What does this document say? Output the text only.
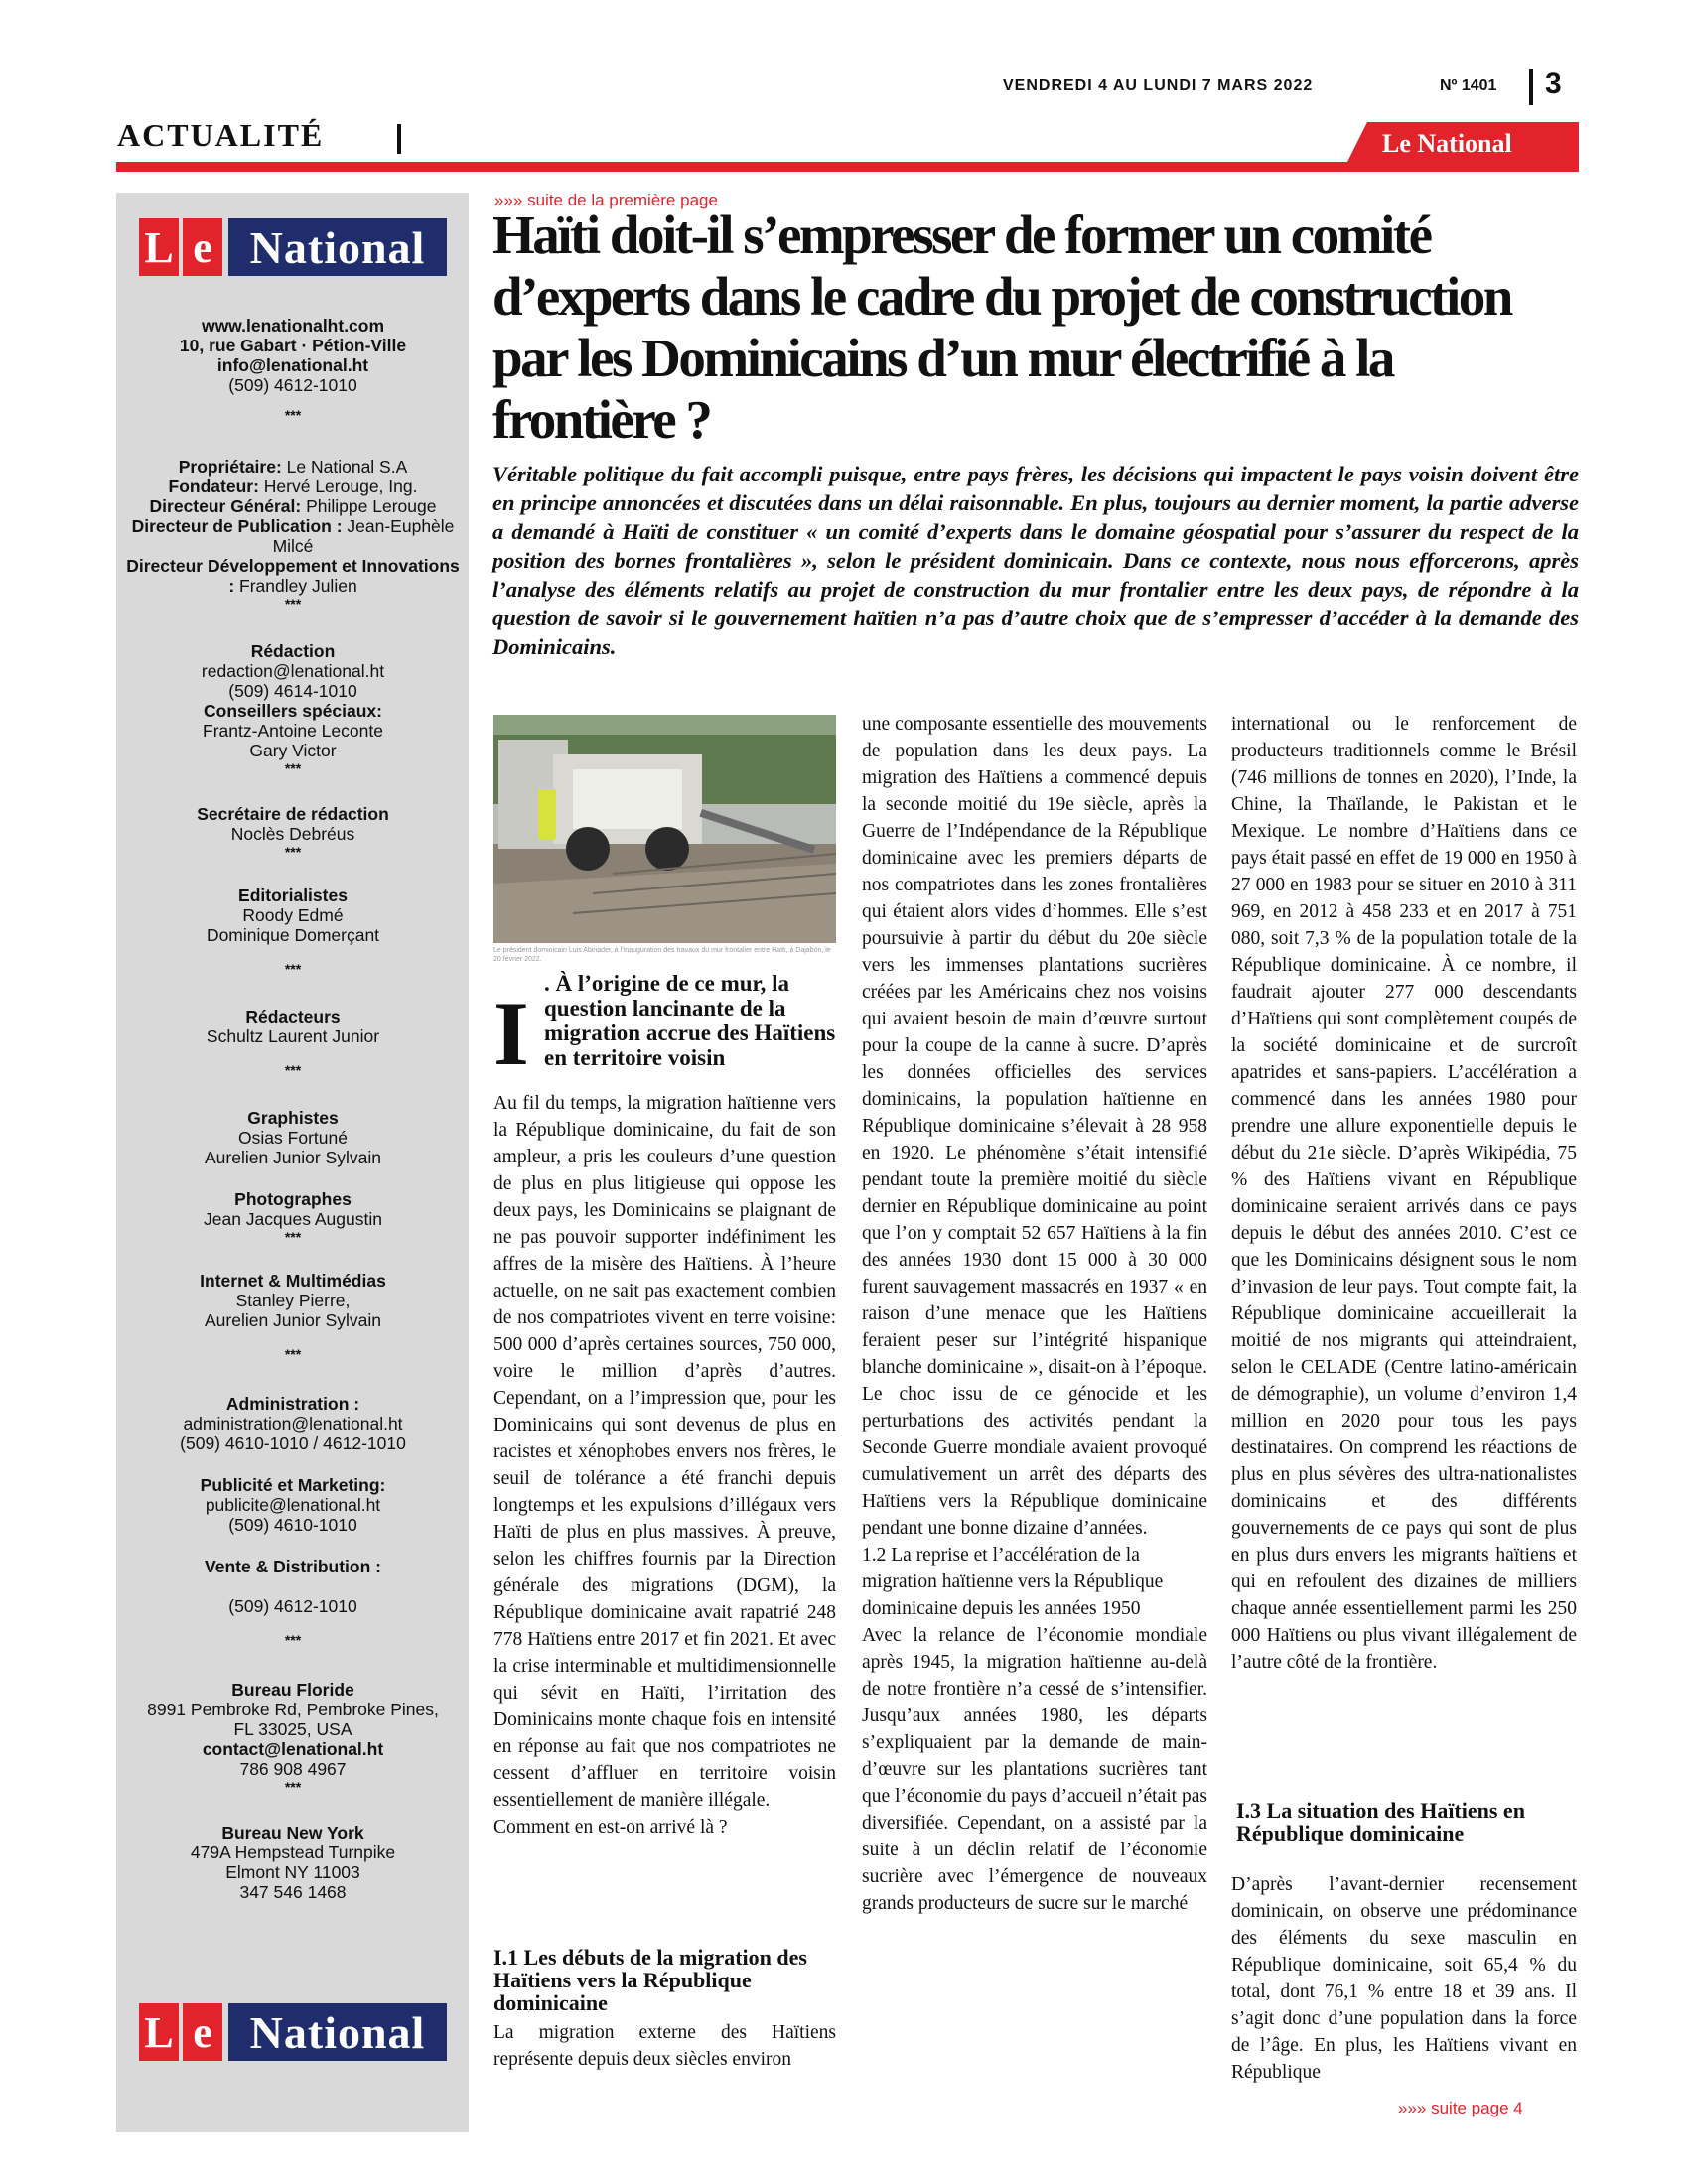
VENDREDI 4 AU LUNDI 7 MARS 2022	Nº 1401 3
ACTUALITÉ	Le National
L e National
www.lenationalht.com
10, rue Gabart · Pétion-Ville
info@lenational.ht
(509) 4612-1010
***
Propriétaire: Le National S.A
Fondateur: Hervé Lerouge, Ing.
Directeur Général: Philippe Lerouge
Directeur de Publication : Jean-Euphèle Milcé
Directeur Développement et Innovations : Frandley Julien
***
Rédaction
redaction@lenational.ht
(509) 4614-1010
Conseillers spéciaux:
Frantz-Antoine Leconte
Gary Victor
***
Secrétaire de rédaction
Noclès Debréus
***
Editorialistes
Roody Edmé
Dominique Domerçant
***
Rédacteurs
Schultz Laurent Junior
***
Graphistes
Osias Fortuné
Aurelien Junior Sylvain
Photographes
Jean Jacques Augustin
***
Internet & Multimédias
Stanley Pierre,
Aurelien Junior Sylvain
***
Administration :
administration@lenational.ht
(509) 4610-1010 / 4612-1010
Publicité et Marketing:
publicite@lenational.ht
(509) 4610-1010
Vente & Distribution :
(509) 4612-1010
***
Bureau Floride
8991 Pembroke Rd, Pembroke Pines,
FL 33025, USA
contact@lenational.ht
786 908 4967
***
Bureau New York
479A Hempstead Turnpike
Elmont NY 11003
347 546 1468
L e National
»»» suite de la première page
Haïti doit-il s’empresser de former un comité d’experts dans le cadre du projet de construction par les Dominicains d’un mur électrifié à la frontière ?
Véritable politique du fait accompli puisque, entre pays frères, les décisions qui impactent le pays voisin doivent être en principe annoncées et discutées dans un délai raisonnable. En plus, toujours au dernier moment, la partie adverse a demandé à Haïti de constituer « un comité d’experts dans le domaine géospatial pour s’assurer du respect de la position des bornes frontalières », selon le président dominicain. Dans ce contexte, nous nous efforcerons, après l’analyse des éléments relatifs au projet de construction du mur frontalier entre les deux pays, de répondre à la question de savoir si le gouvernement haïtien n’a pas d’autre choix que de s’empresser d’accéder à la demande des Dominicains.
Le président dominicain Luis Abinader, à l’inauguration des travaux du mur frontalier entre Haïti, à Dajabón, le 20 février 2022.
I . À l’origine de ce mur, la question lancinante de la migration accrue des Haïtiens en territoire voisin
Au fil du temps, la migration haïtienne vers la République dominicaine, du fait de son ampleur, a pris les couleurs d’une question de plus en plus litigieuse qui oppose les deux pays, les Dominicains se plaignant de ne pas pouvoir supporter indéfiniment les affres de la misère des Haïtiens. À l’heure actuelle, on ne sait pas exactement combien de nos compatriotes vivent en terre voisine: 500 000 d’après certaines sources, 750 000, voire le million d’après d’autres. Cependant, on a l’impression que, pour les Dominicains qui sont devenus de plus en racistes et xénophobes envers nos frères, le seuil de tolérance a été franchi depuis longtemps et les expulsions d’illégaux vers Haïti de plus en plus massives. À preuve, selon les chiffres fournis par la Direction générale des migrations (DGM), la République dominicaine avait rapatrié 248 778 Haïtiens entre 2017 et fin 2021. Et avec la crise interminable et multidimensionnelle qui sévit en Haïti, l’irritation des Dominicains monte chaque fois en intensité en réponse au fait que nos compatriotes ne cessent d’affluer en territoire voisin essentiellement de manière illégale.
Comment en est-on arrivé là ?
I.1 Les débuts de la migration des Haïtiens vers la République dominicaine
La migration externe des Haïtiens représente depuis deux siècles environ
une composante essentielle des mouvements de population dans les deux pays. La migration des Haïtiens a commencé depuis la seconde moitié du 19e siècle, après la Guerre de l’Indépendance de la République dominicaine avec les premiers départs de nos compatriotes dans les zones frontalières qui étaient alors vides d’hommes. Elle s’est poursuivie à partir du début du 20e siècle vers les immenses plantations sucrières créées par les Américains chez nos voisins qui avaient besoin de main d’œuvre surtout pour la coupe de la canne à sucre. D’après les données officielles des services dominicains, la population haïtienne en République dominicaine s’élevait à 28 958 en 1920. Le phénomène s’était intensifié pendant toute la première moitié du siècle dernier en République dominicaine au point que l’on y comptait 52 657 Haïtiens à la fin des années 1930 dont 15 000 à 30 000 furent sauvagement massacrés en 1937 « en raison d’une menace que les Haïtiens feraient peser sur l’intégrité hispanique blanche dominicaine », disait-on à l’époque. Le choc issu de ce génocide et les perturbations des activités pendant la Seconde Guerre mondiale avaient provoqué cumulativement un arrêt des départs des Haïtiens vers la République dominicaine pendant une bonne dizaine d’années.
1.2 La reprise et l’accélération de la migration haïtienne vers la République dominicaine depuis les années 1950
Avec la relance de l’économie mondiale après 1945, la migration haïtienne au-delà de notre frontière n’a cessé de s’intensifier. Jusqu’aux années 1980, les départs s’expliquaient par la demande de main-d’œuvre sur les plantations sucrières tant que l’économie du pays d’accueil n’était pas diversifiée. Cependant, on a assisté par la suite à un déclin relatif de l’économie sucrière avec l’émergence de nouveaux grands producteurs de sucre sur le marché
international ou le renforcement de producteurs traditionnels comme le Brésil (746 millions de tonnes en 2020), l’Inde, la Chine, la Thaïlande, le Pakistan et le Mexique. Le nombre d’Haïtiens dans ce pays était passé en effet de 19 000 en 1950 à 27 000 en 1983 pour se situer en 2010 à 311 969, en 2012 à 458 233 et en 2017 à 751 080, soit 7,3 % de la population totale de la République dominicaine. À ce nombre, il faudrait ajouter 277 000 descendants d’Haïtiens qui sont complètement coupés de la société dominicaine et de surcroît apatrides et sans-papiers. L’accélération a commencé dans les années 1980 pour prendre une allure exponentielle depuis le début du 21e siècle. D’après Wikipédia, 75 % des Haïtiens vivant en République dominicaine seraient arrivés dans ce pays depuis le début des années 2010. C’est ce que les Dominicains désignent sous le nom d’invasion de leur pays. Tout compte fait, la République dominicaine accueillerait la moitié de nos migrants qui atteindraient, selon le CELADE (Centre latino-américain de démographie), un volume d’environ 1,4 million en 2020 pour tous les pays destinataires. On comprend les réactions de plus en plus sévères des ultra-nationalistes dominicains et des différents gouvernements de ce pays qui sont de plus en plus durs envers les migrants haïtiens et qui en refoulent des dizaines de milliers chaque année essentiellement parmi les 250 000 Haïtiens ou plus vivant illégalement de l’autre côté de la frontière.
I.3 La situation des Haïtiens en République dominicaine
D’après l’avant-dernier recensement dominicain, on observe une prédominance des éléments du sexe masculin en République dominicaine, soit 65,4 % du total, dont 76,1 % entre 18 et 39 ans. Il s’agit donc d’une population dans la force de l’âge. En plus, les Haïtiens vivant en République
»»» suite page 4
